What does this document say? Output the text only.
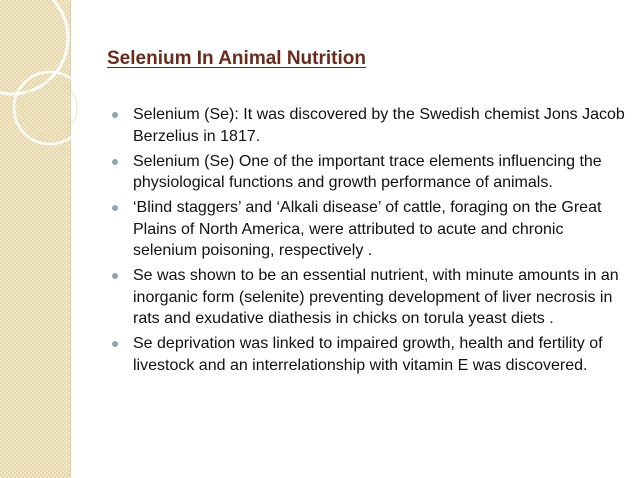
Selenium In Animal Nutrition
Selenium (Se): It was discovered by the Swedish chemist Jons Jacob Berzelius in 1817.
Selenium (Se) One of the important trace elements influencing the physiological functions and growth performance of animals.
‘Blind staggers’ and ‘Alkali disease’ of cattle, foraging on the Great Plains of North America, were attributed to acute and chronic selenium poisoning, respectively .
Se was shown to be an essential nutrient, with minute amounts in an inorganic form (selenite) preventing development of liver necrosis in rats and exudative diathesis in chicks on torula yeast diets .
Se deprivation was linked to impaired growth, health and fertility of livestock and an interrelationship with vitamin E was discovered.
